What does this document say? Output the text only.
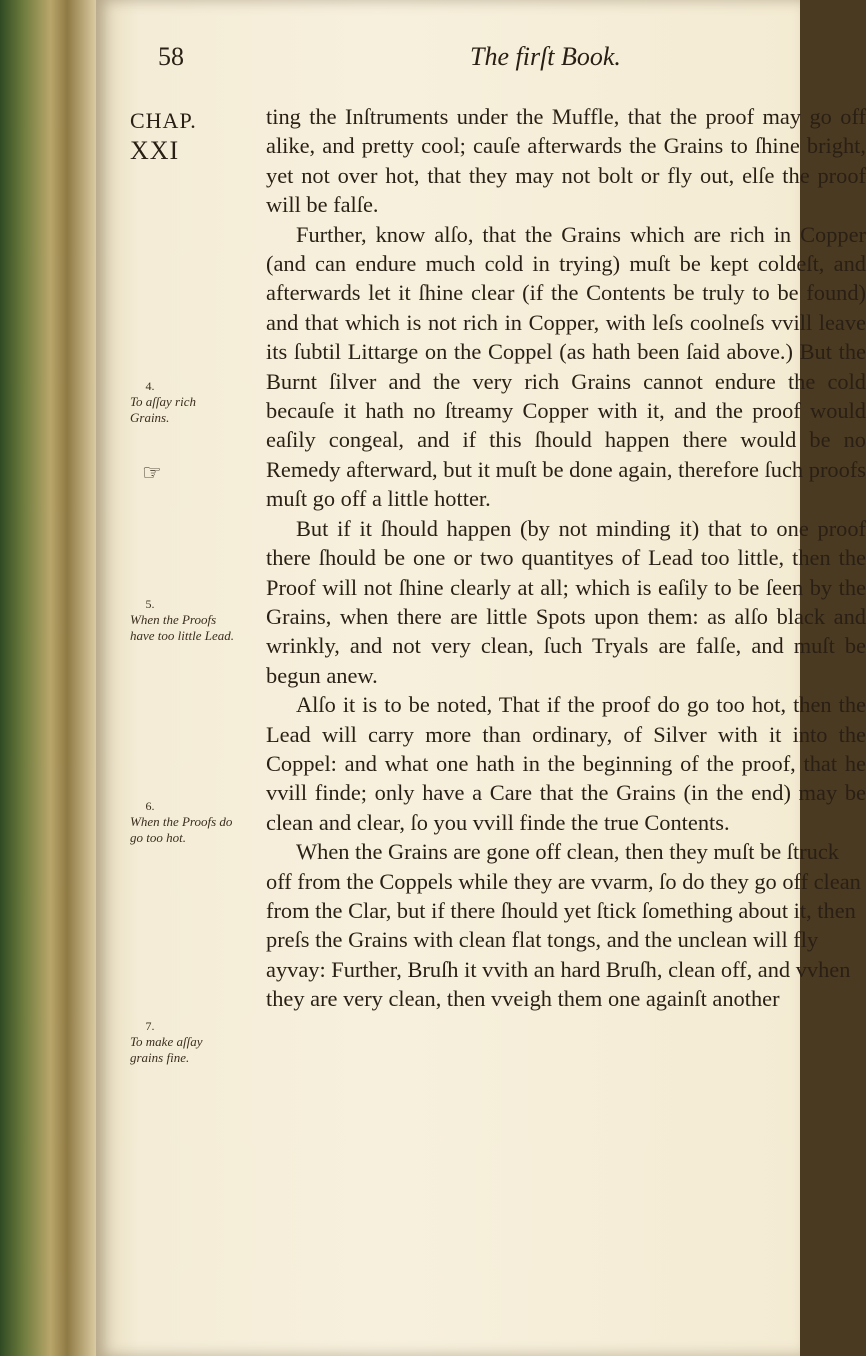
58	The firſt Book.
CHAP.
XXI
4.
To aſſay rich Grains.
☞
5.
When the Proofs have too little Lead.
6.
When the Proofs do go too hot.
7.
To make aſſay grains fine.

ting the Inſtruments under the Muffle, that the proof may go off alike, and pretty cool; cauſe afterwards the Grains to ſhine bright, yet not over hot, that they may not bolt or fly out, elſe the proof will be falſe.

Further, know alſo, that the Grains which are rich in Copper (and can endure much cold in trying) muſt be kept coldeſt, and afterwards let it ſhine clear (if the Contents be truly to be found) and that which is not rich in Copper, with leſs coolneſs vvill leave its ſubtil Littarge on the Coppel (as hath been ſaid above.) But the Burnt ſilver and the very rich Grains cannot endure the cold becauſe it hath no ſtreamy Copper with it, and the proof would eaſily congeal, and if this ſhould happen there would be no Remedy afterward, but it muſt be done again, therefore ſuch proofs muſt go off a little hotter.

But if it ſhould happen (by not minding it) that to one proof there ſhould be one or two quantityes of Lead too little, then the Proof will not ſhine clearly at all; which is eaſily to be ſeen by the Grains, when there are little Spots upon them: as alſo black and wrinkly, and not very clean, ſuch Tryals are falſe, and muſt be begun anew.

Alſo it is to be noted, That if the proof do go too hot, then the Lead will carry more than ordinary, of Silver with it into the Coppel: and what one hath in the beginning of the proof, that he vvill finde; only have a Care that the Grains (in the end) may be clean and clear, ſo you vvill finde the true Contents.

When the Grains are gone off clean, then they muſt be ſtruck off from the Coppels while they are vvarm, ſo do they go off clean from the Clar, but if there ſhould yet ſtick ſomething about it, then preſs the Grains with clean flat tongs, and the unclean will fly ayvay: Further, Bruſh it vvith an hard Bruſh, clean off, and vvhen they are very clean, then vveigh them one againſt another
